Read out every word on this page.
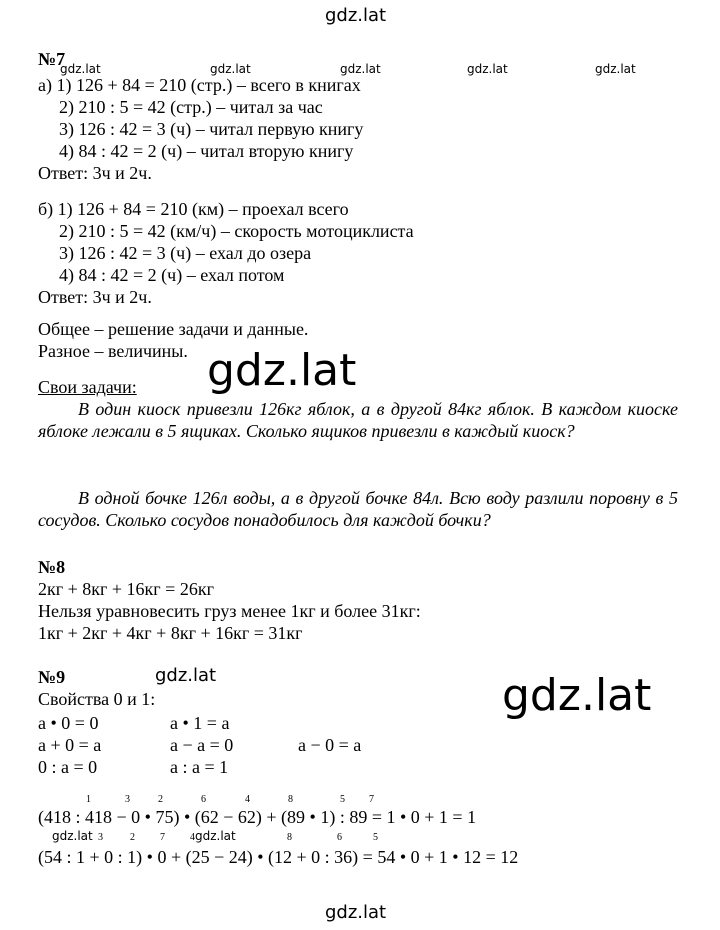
gdz.lat
gdz.lat	gdz.lat	gdz.lat	gdz.lat	gdz.lat
gdz.lat
gdz.lat
gdz.lat
gdz.lat	gdz.lat
gdz.lat
№7
а) 1) 126 + 84 = 210 (стр.) – всего в книгах
2) 210 : 5 = 42 (стр.) – читал за час
3) 126 : 42 = 3 (ч) – читал первую книгу
4) 84 : 42 = 2 (ч) – читал вторую книгу
Ответ: 3ч и 2ч.
б) 1) 126 + 84 = 210 (км) – проехал всего
2) 210 : 5 = 42 (км/ч) – скорость мотоциклиста
3) 126 : 42 = 3 (ч) – ехал до озера
4) 84 : 42 = 2 (ч) – ехал потом
Ответ: 3ч и 2ч.
Общее – решение задачи и данные.
Разное – величины.
Свои задачи:
В один киоск привезли 126кг яблок, а в другой 84кг яблок. В каждом киоске яблоке лежали в 5 ящиках. Сколько ящиков привезли в каждый киоск?
В одной бочке 126л воды, а в другой бочке 84л. Всю воду разлили поровну в 5 сосудов. Сколько сосудов понадобилось для каждой бочки?
№8
2кг + 8кг + 16кг = 26кг
Нельзя уравновесить груз менее 1кг и более 31кг:
1кг + 2кг + 4кг + 8кг + 16кг = 31кг
№9
Свойства 0 и 1:
а • 0 = 0	а • 1 = а
а + 0 = а	а − а = 0	а − 0 = а
0 : а = 0	а : а = 1
1	3	2	6	4	8	5 7
(418 : 418 − 0 • 75) • (62 − 62) + (89 • 1) : 89 = 1 • 0 + 1 = 1
3	2	7	4	8	6	5
(54 : 1 + 0 : 1) • 0 + (25 − 24) • (12 + 0 : 36) = 54 • 0 + 1 • 12 = 12
